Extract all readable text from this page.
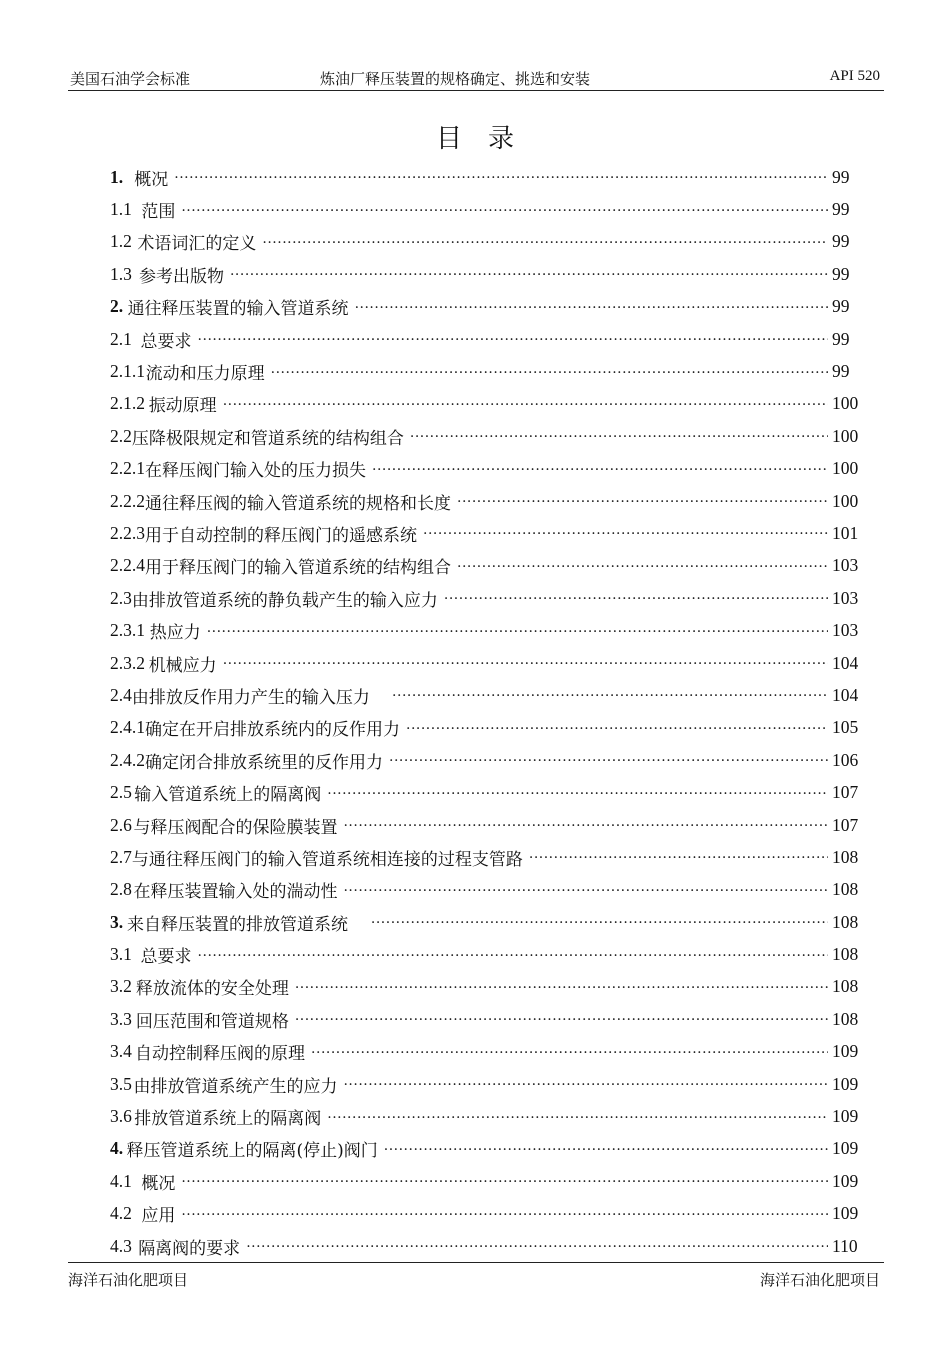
美国石油学会标准	炼油厂释压装置的规格确定、挑选和安装	API 520
目录
1. 概况 ·····	99
1.1 范围 ·····	99
1.2 术语词汇的定义 ·····	99
1.3 参考出版物 ·····	99
2. 通往释压装置的输入管道系统 ·····	99
2.1 总要求 ·····	99
2.1.1 流动和压力原理 ·····	99
2.1.2 振动原理 ·····	100
2.2 压降极限规定和管道系统的结构组合 ·····	100
2.2.1 在释压阀门输入处的压力损失 ·····	100
2.2.2 通往释压阀的输入管道系统的规格和长度 ·····	100
2.2.3 用于自动控制的释压阀门的遥感系统 ·····	101
2.2.4 用于释压阀门的输入管道系统的结构组合 ·····	103
2.3 由排放管道系统的静负载产生的输入应力 ·····	103
2.3.1 热应力 ·····	103
2.3.2 机械应力 ·····	104
2.4 由排放反作用力产生的输入压力 ·····	104
2.4.1 确定在开启排放系统内的反作用力 ·····	105
2.4.2 确定闭合排放系统里的反作用力 ·····	106
2.5 输入管道系统上的隔离阀 ·····	107
2.6 与释压阀配合的保险膜装置 ·····	107
2.7 与通往释压阀门的输入管道系统相连接的过程支管路 ·····	108
2.8 在释压装置输入处的湍动性 ·····	108
3. 来自释压装置的排放管道系统 ·····	108
3.1 总要求 ·····	108
3.2 释放流体的安全处理 ·····	108
3.3 回压范围和管道规格 ·····	108
3.4 自动控制释压阀的原理 ·····	109
3.5 由排放管道系统产生的应力 ·····	109
3.6 排放管道系统上的隔离阀 ·····	109
4. 释压管道系统上的隔离(停止)阀门 ·····	109
4.1 概况 ·····	109
4.2 应用 ·····	109
4.3 隔离阀的要求 ·····	110
海洋石油化肥项目	海洋石油化肥项目
